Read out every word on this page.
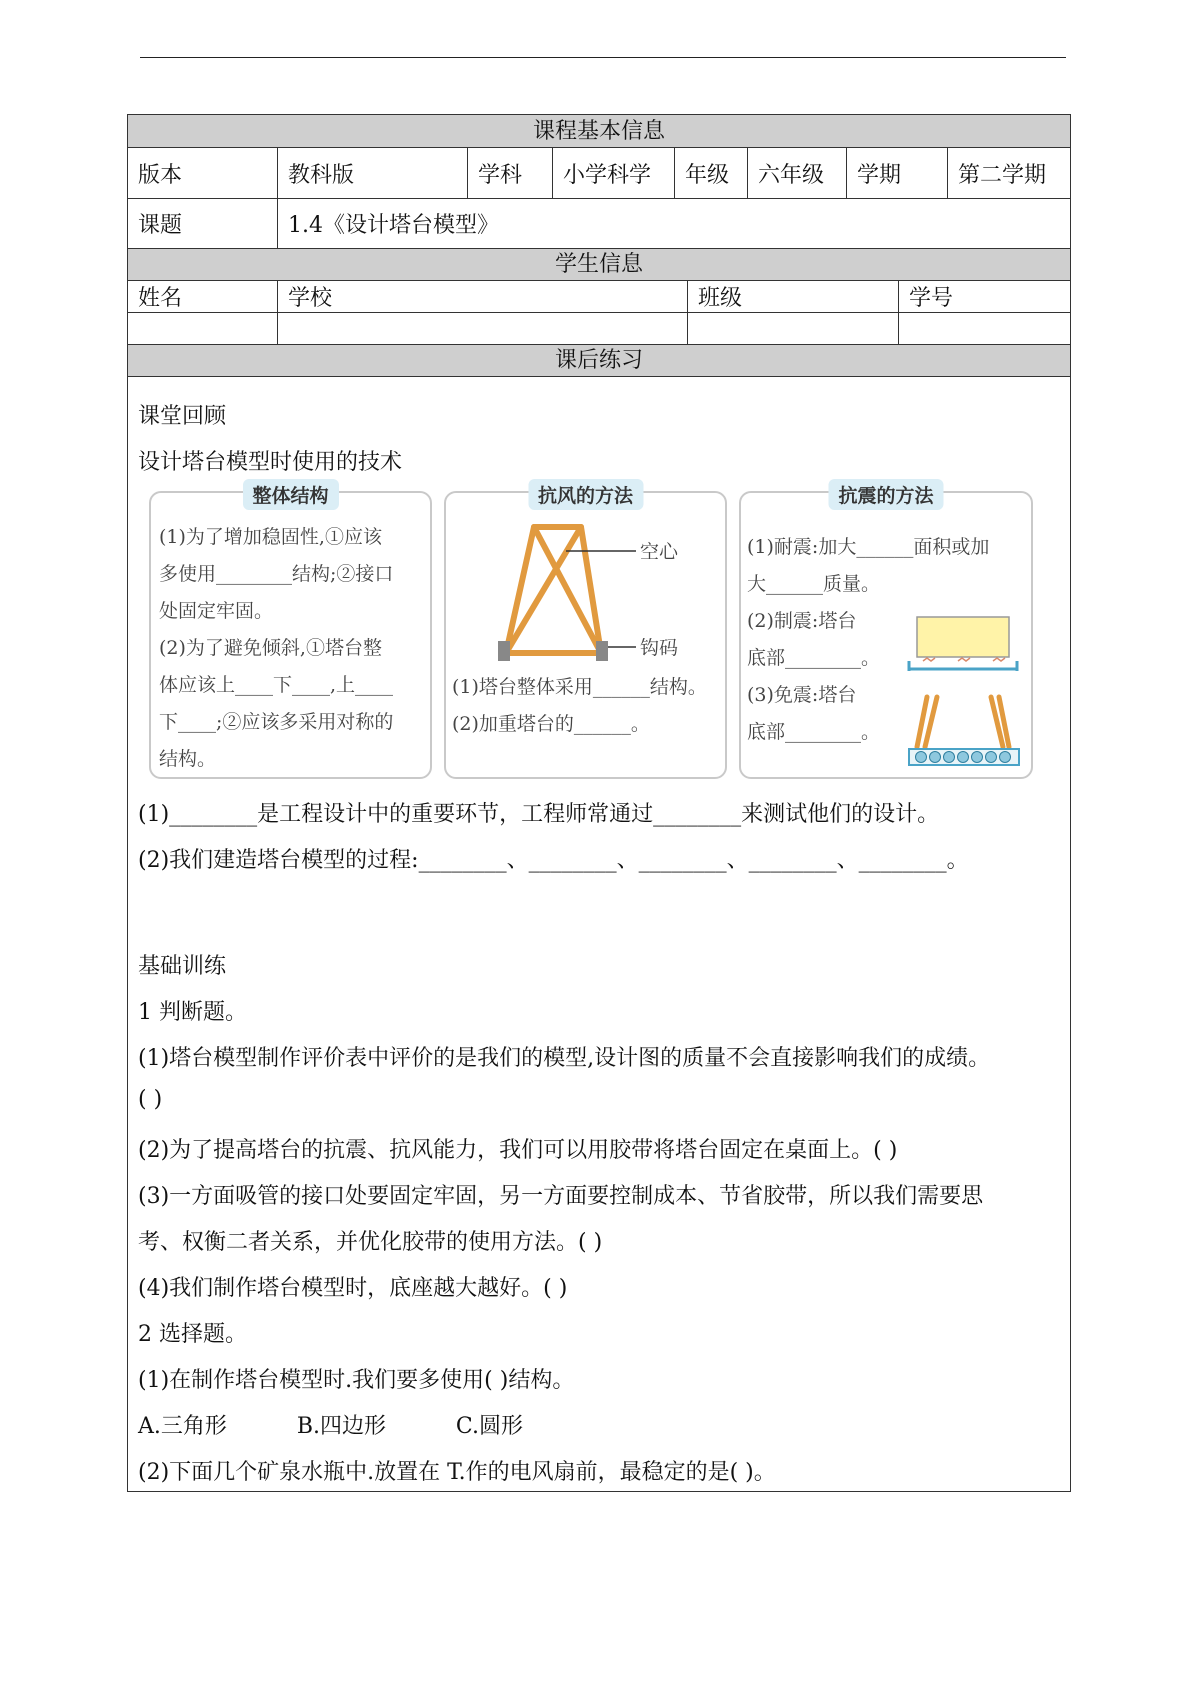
课程基本信息
版本	教科版	学科	小学科学	年级	六年级	学期	第二学期
课题	1.4《设计塔台模型》
学生信息
姓名	学校	班级	学号
课后练习
课堂回顾
设计塔台模型时使用的技术
整体结构
(1)为了增加稳固性,①应该
多使用________结构;②接口
处固定牢固。
(2)为了避免倾斜,①塔台整
体应该上____下____,上____
下____;②应该多采用对称的
结构。
抗风的方法
空心
钩码
(1)塔台整体采用______结构。
(2)加重塔台的______。
抗震的方法
(1)耐震:加大______面积或加
大______质量。
(2)制震:塔台
底部________。
(3)免震:塔台
底部________。
(1)________是工程设计中的重要环节，工程师常通过________来测试他们的设计。
(2)我们建造塔台模型的过程:________、________、________、________、________。
基础训练
1 判断题。
(1)塔台模型制作评价表中评价的是我们的模型,设计图的质量不会直接影响我们的成绩。
( )
(2)为了提高塔台的抗震、抗风能力，我们可以用胶带将塔台固定在桌面上。( )
(3)一方面吸管的接口处要固定牢固，另一方面要控制成本、节省胶带，所以我们需要思
考、权衡二者关系，并优化胶带的使用方法。( )
(4)我们制作塔台模型时，底座越大越好。( )
2 选择题。
(1)在制作塔台模型时.我们要多使用( )结构。
A.三角形          B.四边形          C.圆形
(2)下面几个矿泉水瓶中.放置在 T.作的电风扇前，最稳定的是( )。
